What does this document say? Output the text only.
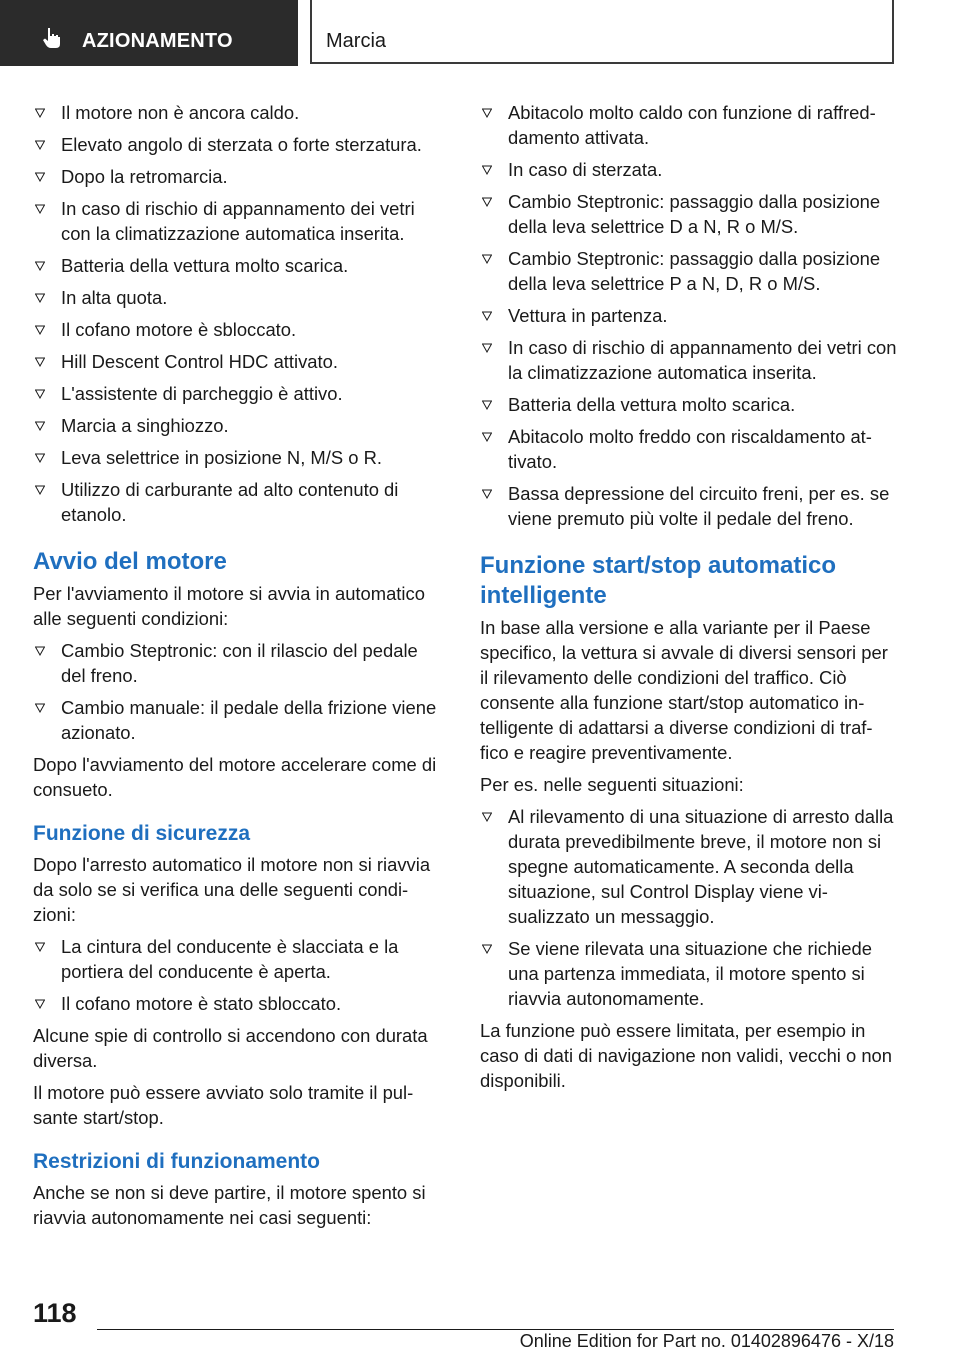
AZIONAMENTO	Marcia
Il motore non è ancora caldo.
Elevato angolo di sterzata o forte sterzatura.
Dopo la retromarcia.
In caso di rischio di appannamento dei vetri con la climatizzazione automatica inserita.
Batteria della vettura molto scarica.
In alta quota.
Il cofano motore è sbloccato.
Hill Descent Control HDC attivato.
L'assistente di parcheggio è attivo.
Marcia a singhiozzo.
Leva selettrice in posizione N, M/S o R.
Utilizzo di carburante ad alto contenuto di etanolo.
Avvio del motore

Per l'avviamento il motore si avvia in automatico alle seguenti condizioni:

Cambio Steptronic: con il rilascio del pedale del freno.
Cambio manuale: il pedale della frizione viene azionato.

Dopo l'avviamento del motore accelerare come di consueto.

Funzione di sicurezza

Dopo l'arresto automatico il motore non si riavvia da solo se si verifica una delle seguenti condi-zioni:

La cintura del conducente è slacciata e la portiera del conducente è aperta.
Il cofano motore è stato sbloccato.

Alcune spie di controllo si accendono con durata diversa.

Il motore può essere avviato solo tramite il pul-sante start/stop.

Restrizioni di funzionamento

Anche se non si deve partire, il motore spento si riavvia autonomamente nei casi seguenti:

Abitacolo molto caldo con funzione di raffred-damento attivata.
In caso di sterzata.
Cambio Steptronic: passaggio dalla posizione della leva selettrice D a N, R o M/S.
Cambio Steptronic: passaggio dalla posizione della leva selettrice P a N, D, R o M/S.
Vettura in partenza.
In caso di rischio di appannamento dei vetri con la climatizzazione automatica inserita.
Batteria della vettura molto scarica.
Abitacolo molto freddo con riscaldamento at-tivato.
Bassa depressione del circuito freni, per es. se viene premuto più volte il pedale del freno.
Funzione start/stop automatico intelligente

In base alla versione e alla variante per il Paese specifico, la vettura si avvale di diversi sensori per il rilevamento delle condizioni del traffico. Ciò consente alla funzione start/stop automatico in-telligente di adattarsi a diverse condizioni di traf-fico e reagire preventivamente.

Per es. nelle seguenti situazioni:

Al rilevamento di una situazione di arresto dalla durata prevedibilmente breve, il motore non si spegne automaticamente. A seconda della situazione, sul Control Display viene vi-sualizzato un messaggio.
Se viene rilevata una situazione che richiede una partenza immediata, il motore spento si riavvia autonomamente.

La funzione può essere limitata, per esempio in caso di dati di navigazione non validi, vecchi o non disponibili.

118
Online Edition for Part no. 01402896476 - X/18
